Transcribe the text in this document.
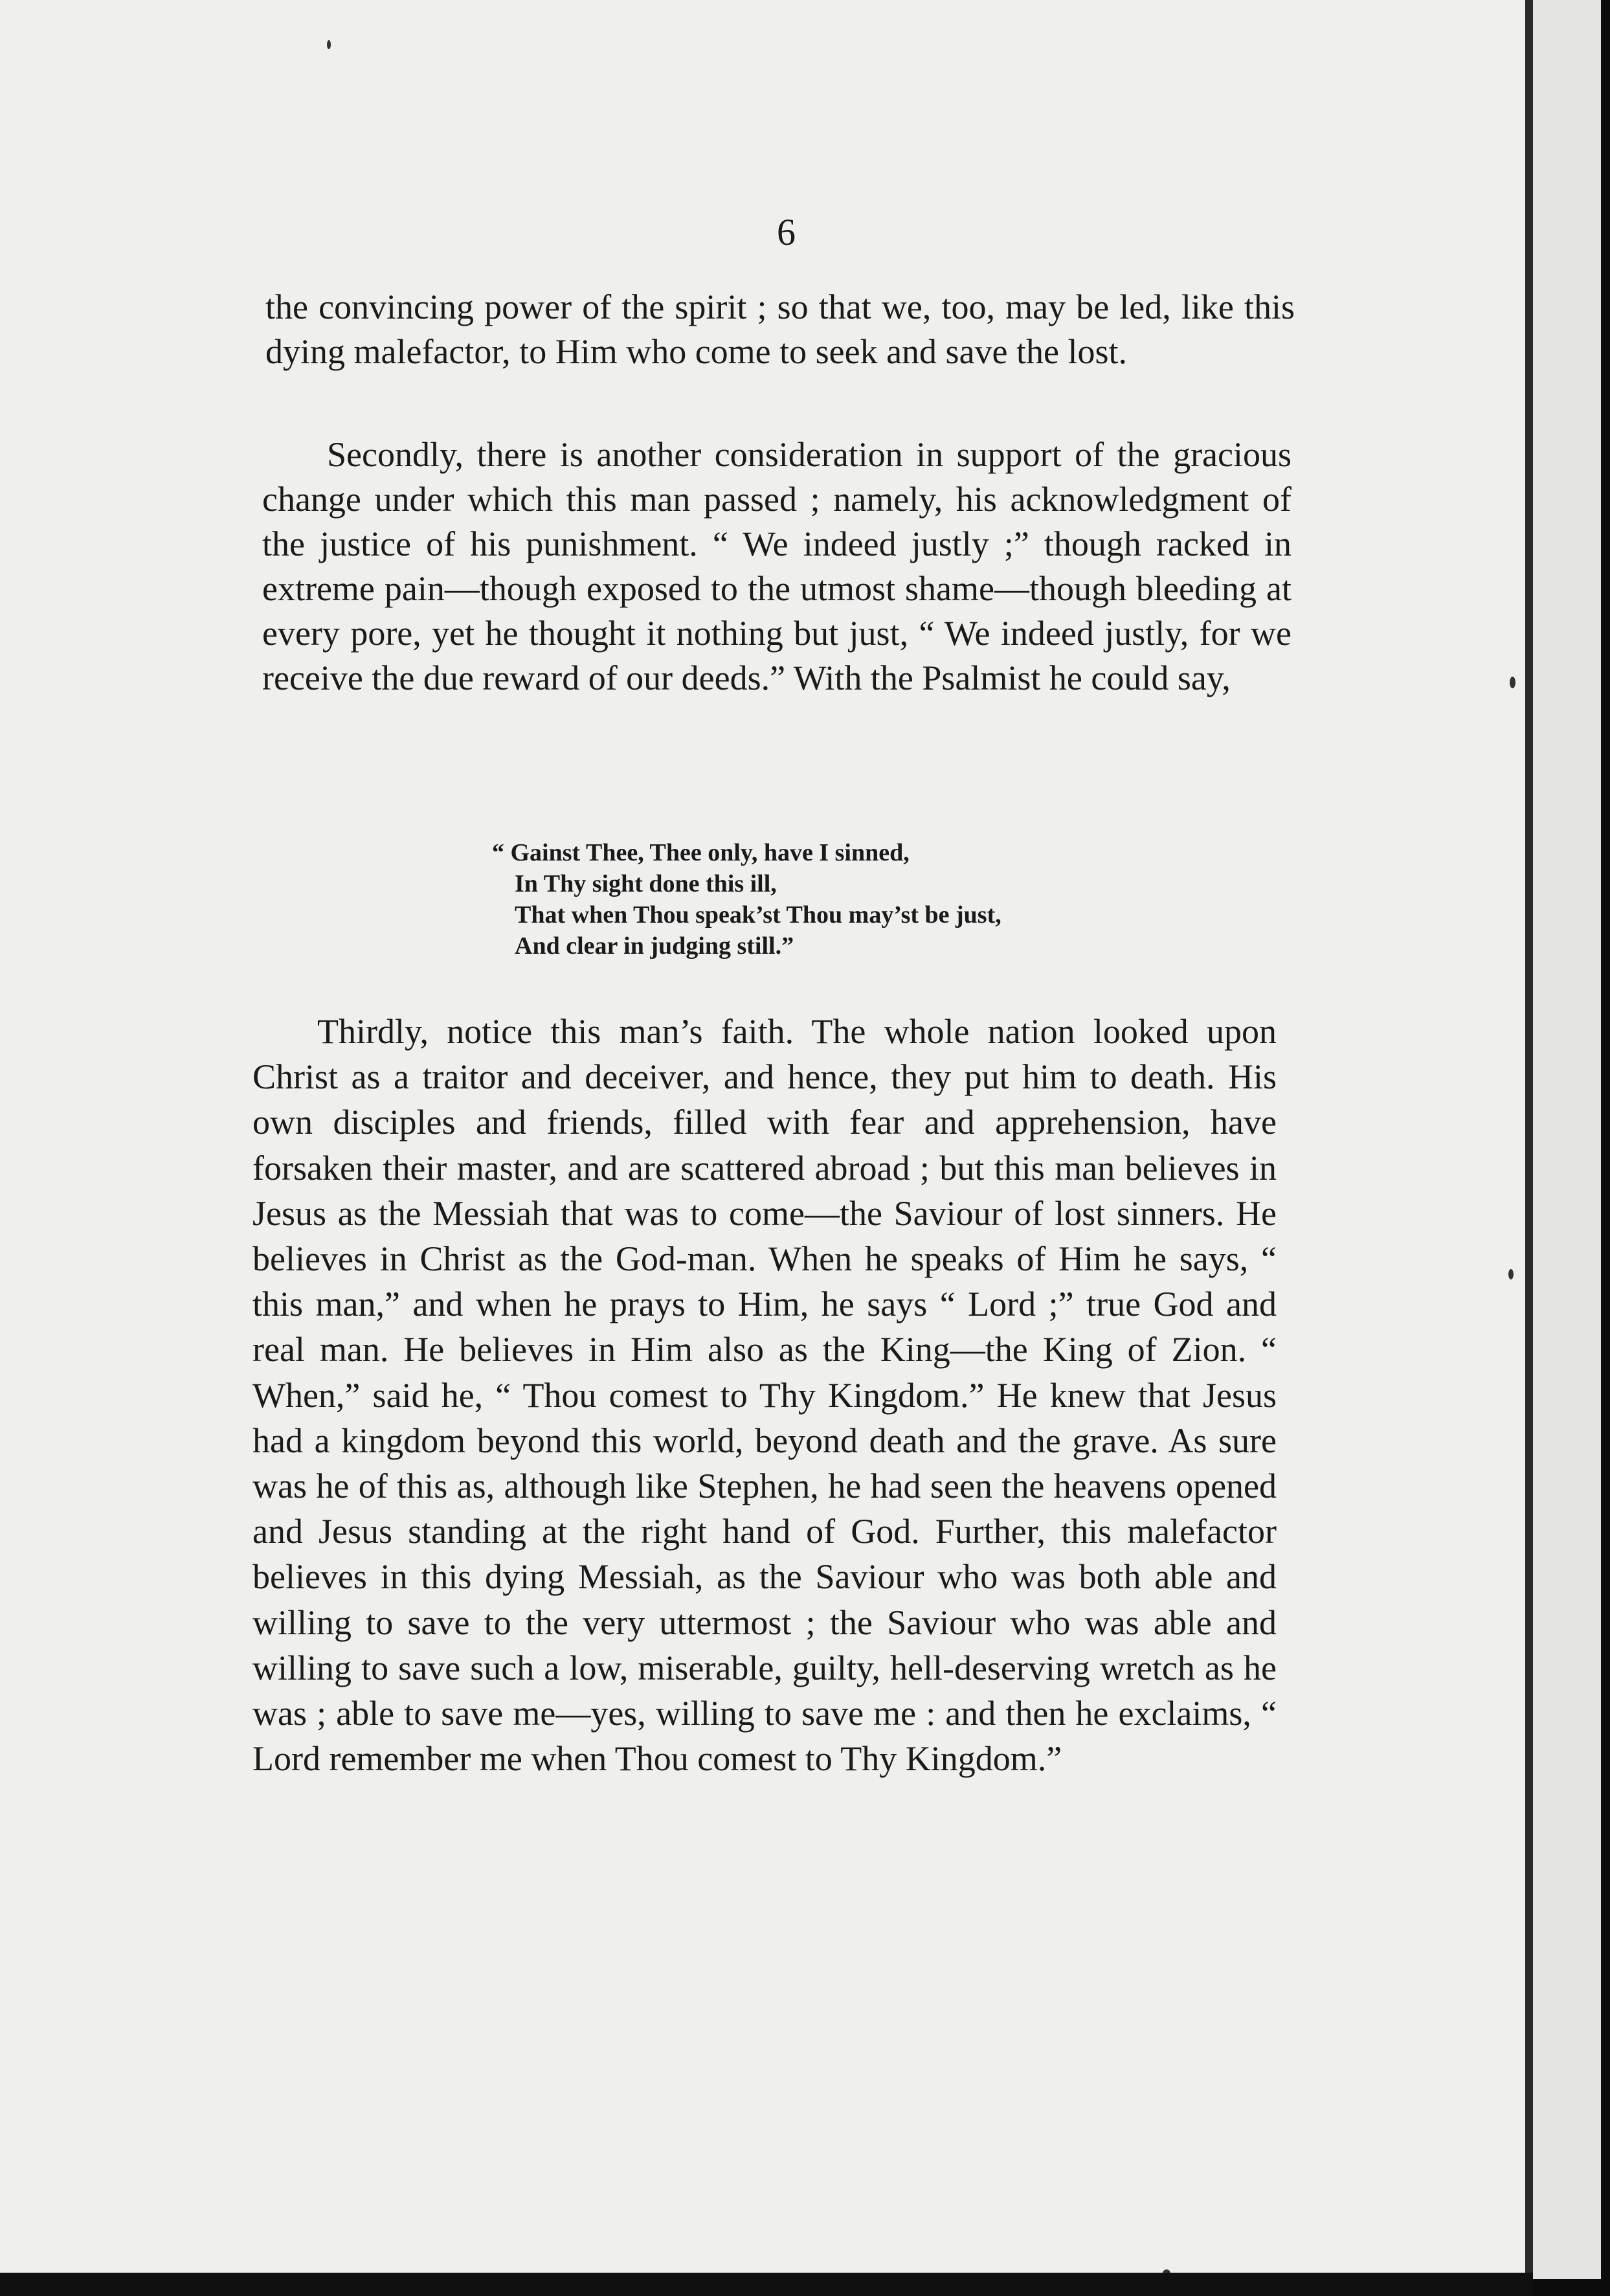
6
the convincing power of the spirit ; so that we, too, may be led, like this dying malefactor, to Him who come to seek and save the lost.
Secondly, there is another consideration in support of the gracious change under which this man passed ; namely, his acknowledgment of the justice of his punishment. “ We indeed justly ;” though racked in extreme pain—though exposed to the utmost shame—though bleeding at every pore, yet he thought it nothing but just, “ We indeed justly, for we receive the due reward of our deeds.” With the Psalmist he could say,
“ Gainst Thee, Thee only, have I sinned,
In Thy sight done this ill,
That when Thou speak’st Thou may’st be just,
And clear in judging still.”
Thirdly, notice this man’s faith. The whole nation looked upon Christ as a traitor and deceiver, and hence, they put him to death. His own disciples and friends, filled with fear and apprehension, have forsaken their master, and are scattered abroad ; but this man believes in Jesus as the Messiah that was to come—the Saviour of lost sinners. He believes in Christ as the God-man. When he speaks of Him he says, “ this man,” and when he prays to Him, he says “ Lord ;” true God and real man. He believes in Him also as the King—the King of Zion. “ When,” said he, “ Thou comest to Thy Kingdom.” He knew that Jesus had a kingdom beyond this world, beyond death and the grave. As sure was he of this as, although like Stephen, he had seen the heavens opened and Jesus standing at the right hand of God. Further, this malefactor believes in this dying Messiah, as the Saviour who was both able and willing to save to the very uttermost ; the Saviour who was able and willing to save such a low, miserable, guilty, hell-deserving wretch as he was ; able to save me—yes, willing to save me : and then he exclaims, “ Lord remember me when Thou comest to Thy Kingdom.”
